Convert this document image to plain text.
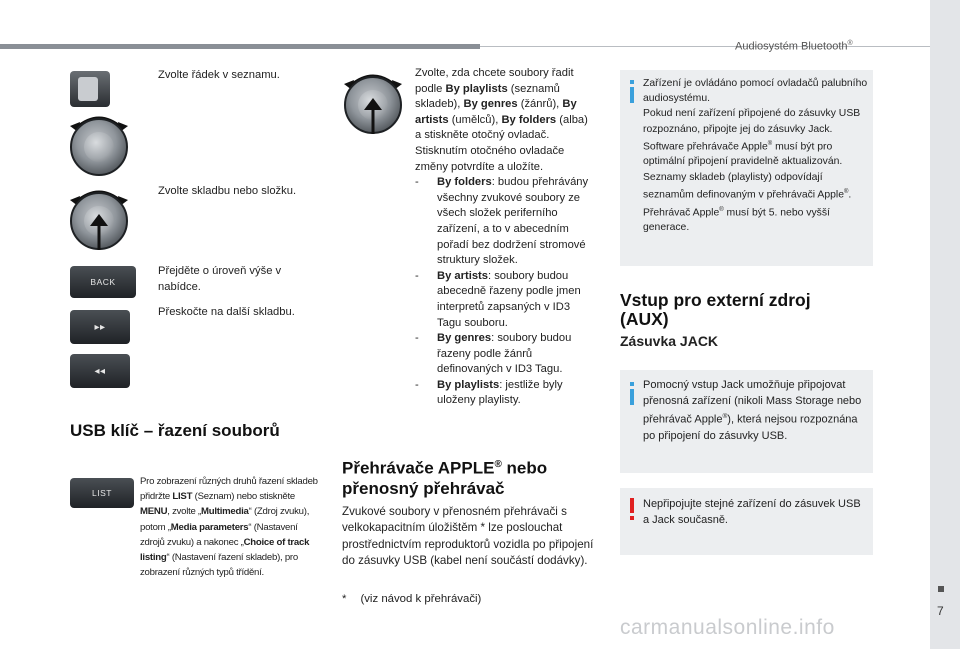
Audiosystém Bluetooth®
7
Zvolte řádek v seznamu.
Zvolte skladbu nebo složku.
BACK
Přejděte o úroveň výše v nabídce.
▸▸
Přeskočte na další skladbu.
◂◂
USB klíč – řazení souborů
LIST
Pro zobrazení různých druhů řazení skladeb přidržte LIST (Seznam) nebo stiskněte MENU, zvolte „Multimedia“ (Zdroj zvuku), potom „Media parameters“ (Nastavení zdrojů zvuku) a nakonec „Choice of track listing“ (Nastavení řazení skladeb), pro zobrazení různých typů třídění.
Zvolte, zda chcete soubory řadit podle By playlists (seznamů skladeb), By genres (žánrů), By artists (umělců), By folders (alba) a stiskněte otočný ovladač.
Stisknutím otočného ovladače změny potvrdíte a uložíte.
- By folders: budou přehrávány všechny zvukové soubory ze všech složek periferního zařízení, a to v abecedním pořadí bez dodržení stromové struktury složek.
- By artists: soubory budou abecedně řazeny podle jmen interpretů zapsaných v ID3 Tagu souboru.
- By genres: soubory budou řazeny podle žánrů definovaných v ID3 Tagu.
- By playlists: jestliže byly uloženy playlisty.
Přehrávače APPLE® nebo přenosný přehrávač
Zvukové soubory v přenosném přehrávači s velkokapacitním úložištěm * lze poslouchat prostřednictvím reproduktorů vozidla po připojení do zásuvky USB (kabel není součástí dodávky).
* (viz návod k přehrávači)
Zařízení je ovládáno pomocí ovladačů palubního audiosystému.
Pokud není zařízení připojené do zásuvky USB rozpoznáno, připojte jej do zásuvky Jack.
Software přehrávače Apple® musí být pro optimální připojení pravidelně aktualizován.
Seznamy skladeb (playlisty) odpovídají seznamům definovaným v přehrávači Apple®.
Přehrávač Apple® musí být 5. nebo vyšší generace.
Vstup pro externí zdroj (AUX)
Zásuvka JACK
Pomocný vstup Jack umožňuje připojovat přenosná zařízení (nikoli Mass Storage nebo přehrávač Apple®), která nejsou rozpoznána po připojení do zásuvky USB.
Nepřipojujte stejné zařízení do zásuvek USB a Jack současně.
carmanualsonline.info
